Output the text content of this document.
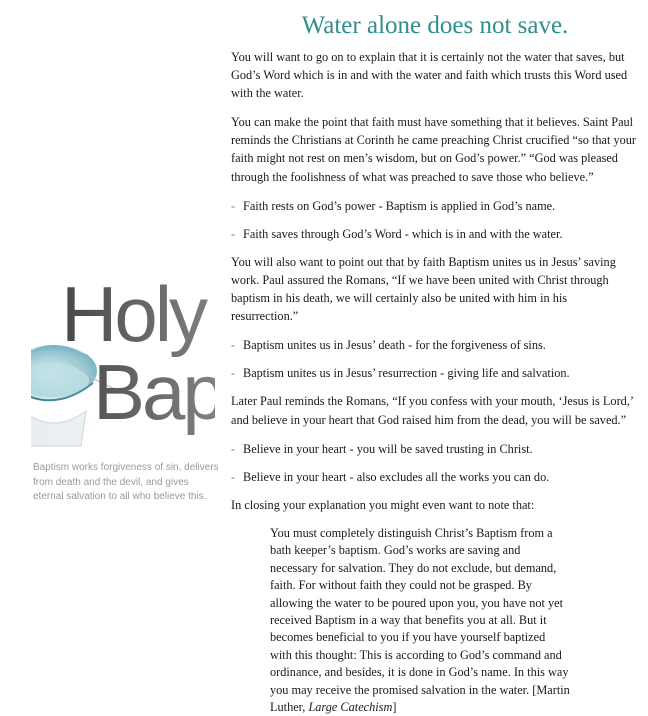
Water alone does not save.

You will want to go on to explain that it is certainly not the water that saves, but God’s Word which is in and with the water and faith which trusts this Word used with the water.

You can make the point that faith must have something that it believes. Saint Paul reminds the Christians at Corinth he came preaching Christ crucified “so that your faith might not rest on men’s wisdom, but on God’s power.” “God was pleased through the foolishness of what was preached to save those who believe.”

- Faith rests on God’s power - Baptism is applied in God’s name.
- Faith saves through God’s Word - which is in and with the water.

You will also want to point out that by faith Baptism unites us in Jesus’ saving work. Paul assured the Romans, “If we have been united with Christ through baptism in his death, we will certainly also be united with him in his resurrection.”

- Baptism unites us in Jesus’ death - for the forgiveness of sins.
- Baptism unites us in Jesus’ resurrection - giving life and salvation.

Later Paul reminds the Romans, “If you confess with your mouth, ‘Jesus is Lord,’ and believe in your heart that God raised him from the dead, you will be saved.”

- Believe in your heart - you will be saved trusting in Christ.
- Believe in your heart - also excludes all the works you can do.

In closing your explanation you might even want to note that:

You must completely distinguish Christ’s Baptism from a bath keeper’s baptism. God’s works are saving and necessary for salvation. They do not exclude, but demand, faith. For without faith they could not be grasped. By allowing the water to be poured upon you, you have not yet received Baptism in a way that benefits you at all. But it becomes beneficial to you if you have yourself baptized with this thought: This is according to God’s command and ordinance, and besides, it is done in God’s name. In this way you may receive the promised salvation in the water. [Martin Luther, Large Catechism]

Baptism works forgiveness of sin, delivers from death and the devil, and gives eternal salvation to all who believe this.
